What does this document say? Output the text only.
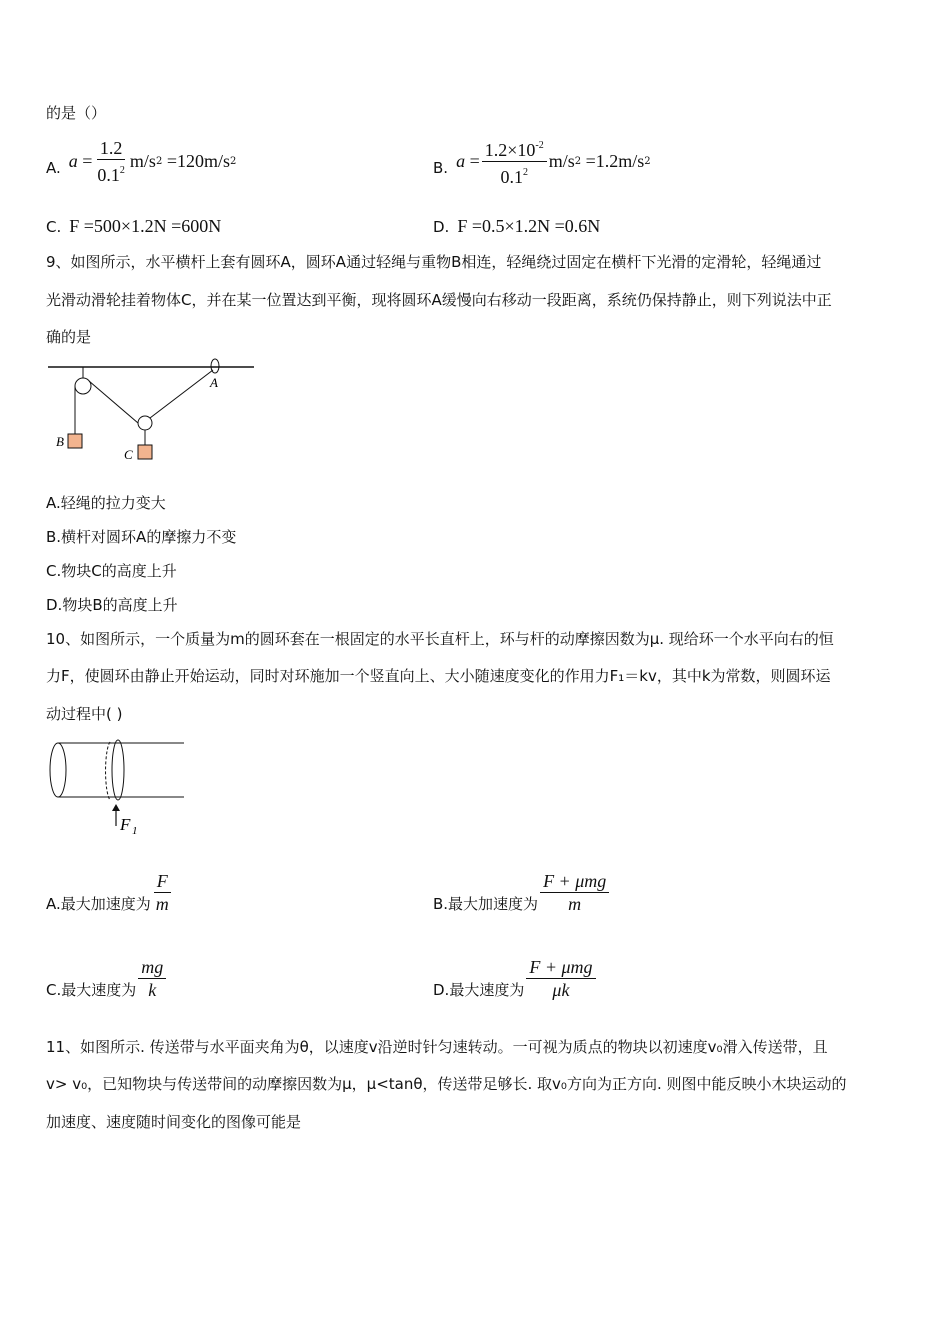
的是（）
A. $a = \frac{1.2}{0.1^2} m/s$ 2
=120m/s 2	B. $a = \frac{1.2\times 10^{-2}}{0.1^2} m/s$ 2
=1.2m/s 2
C. F =500×1.2N =600N	D. F =0.5×1.2N =0.6N
9、如图所示，水平横杆上套有圆环A，圆环A通过轻绳与重物B相连，轻绳绕过固定在横杆下光滑的定滑轮，轻绳通过
光滑动滑轮挂着物体C，并在某一位置达到平衡，现将圆环A缓慢向右移动一段距离，系统仍保持静止，则下列说法中正
确的是
A
B
C
A.轻绳的拉力变大
B.横杆对圆环A的摩擦力不变
C.物块C的高度上升
D.物块B的高度上升
10、如图所示，一个质量为m的圆环套在一根固定的水平长直杆上，环与杆的动摩擦因数为μ. 现给环一个水平向右的恒
力F，使圆环由静止开始运动，同时对环施加一个竖直向上、大小随速度变化的作用力F₁＝kv，其中k为常数，则圆环运
动过程中( )
F 1
A.最大加速度为 $\frac{F}{m}$	B.最大加速度为 $\frac{\text{F + μmg}}{m}$
C.最大速度为 $\frac{mg}{k}$	D.最大速度为 $\frac{\text{F + μmg}}{\mu k}$
11、如图所示. 传送带与水平面夹角为θ，以速度v沿逆时针匀速转动。一可视为质点的物块以初速度v₀滑入传送带，且
v> v₀，已知物块与传送带间的动摩擦因数为μ，μ<tanθ，传送带足够长. 取v₀方向为正方向. 则图中能反映小木块运动的
加速度、速度随时间变化的图像可能是
